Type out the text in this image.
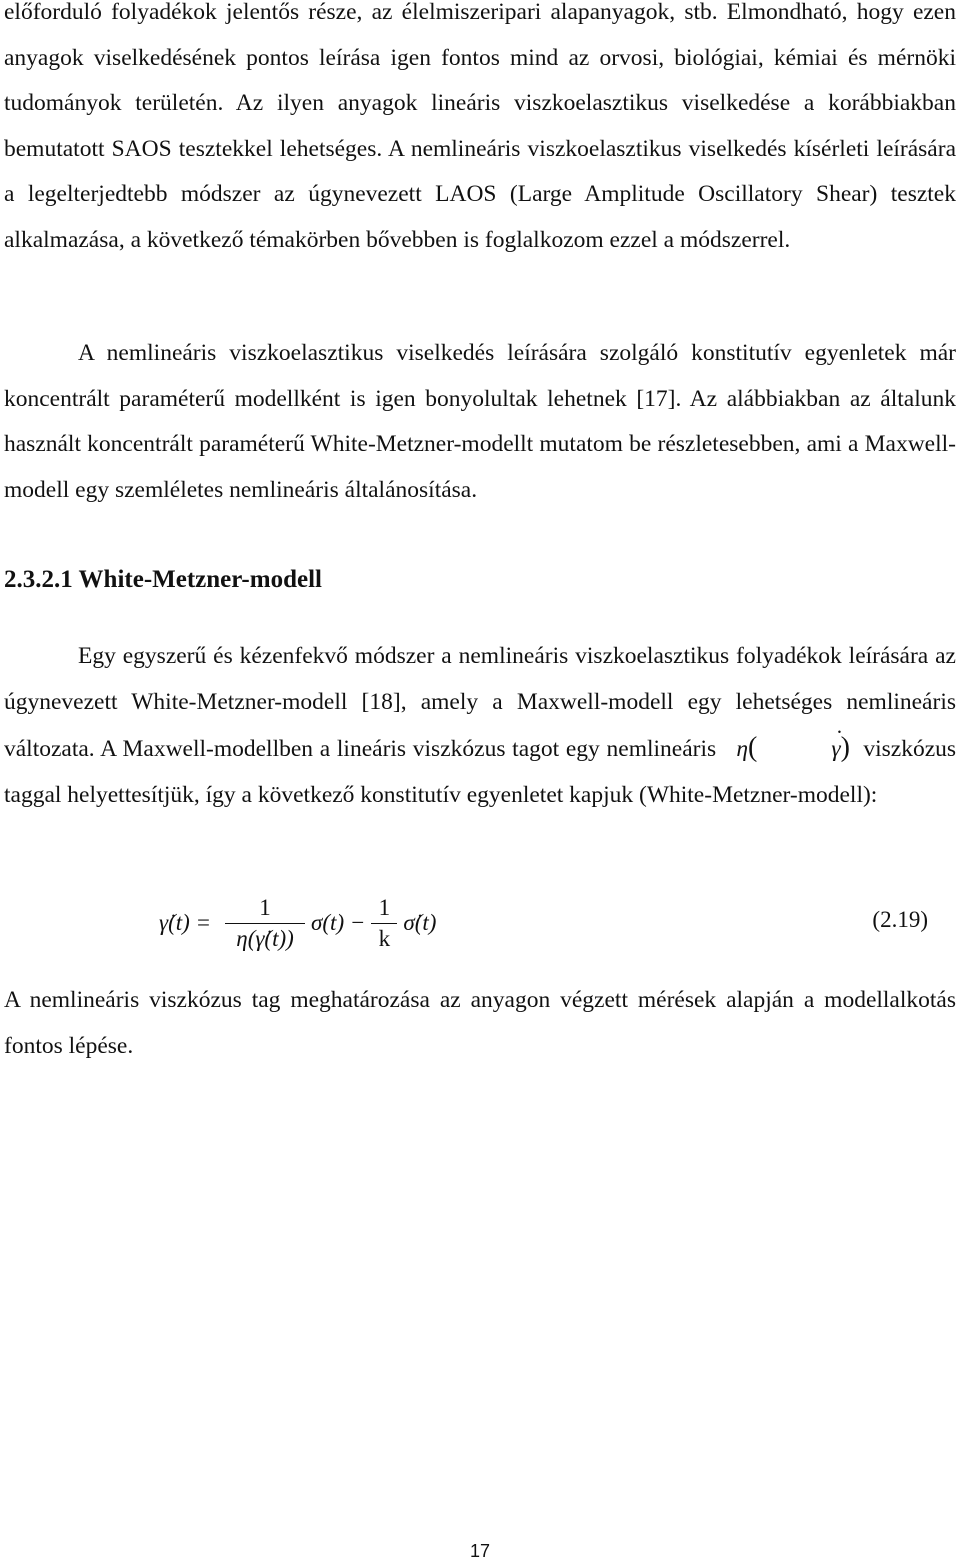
előforduló folyadékok jelentős része, az élelmiszeripari alapanyagok, stb. Elmondható, hogy ezen anyagok viselkedésének pontos leírása igen fontos mind az orvosi, biológiai, kémiai és mérnöki tudományok területén. Az ilyen anyagok lineáris viszkoelasztikus viselkedése a korábbiakban bemutatott SAOS tesztekkel lehetséges. A nemlineáris viszkoelasztikus viselkedés kísérleti leírására a legelterjedtebb módszer az úgynevezett LAOS (Large Amplitude Oscillatory Shear) tesztek alkalmazása, a következő témakörben bővebben is foglalkozom ezzel a módszerrel.

A nemlineáris viszkoelasztikus viselkedés leírására szolgáló konstitutív egyenletek már koncentrált paraméterű modellként is igen bonyolultak lehetnek [17]. Az alábbiakban az általunk használt koncentrált paraméterű White-Metzner-modellt mutatom be részletesebben, ami a Maxwell-modell egy szemléletes nemlineáris általánosítása.

2.3.2.1 White-Metzner-modell

Egy egyszerű és kézenfekvő módszer a nemlineáris viszkoelasztikus folyadékok leírására az úgynevezett White-Metzner-modell [18], amely a Maxwell-modell egy lehetséges nemlineáris változata. A Maxwell-modellben a lineáris viszkózus tagot egy nemlineáris η(	γ ˙) viszkózus taggal helyettesítjük, így a következő konstitutív egyenletet kapjuk (White-Metzner-modell):

γ̇(t) = $\frac{1}{\eta(\gammȧ(t))} \sigma(t) - \frac{1}{k}$ σ̇(t)	(2.19)

A nemlineáris viszkózus tag meghatározása az anyagon végzett mérések alapján a modellalkotás fontos lépése.

17
